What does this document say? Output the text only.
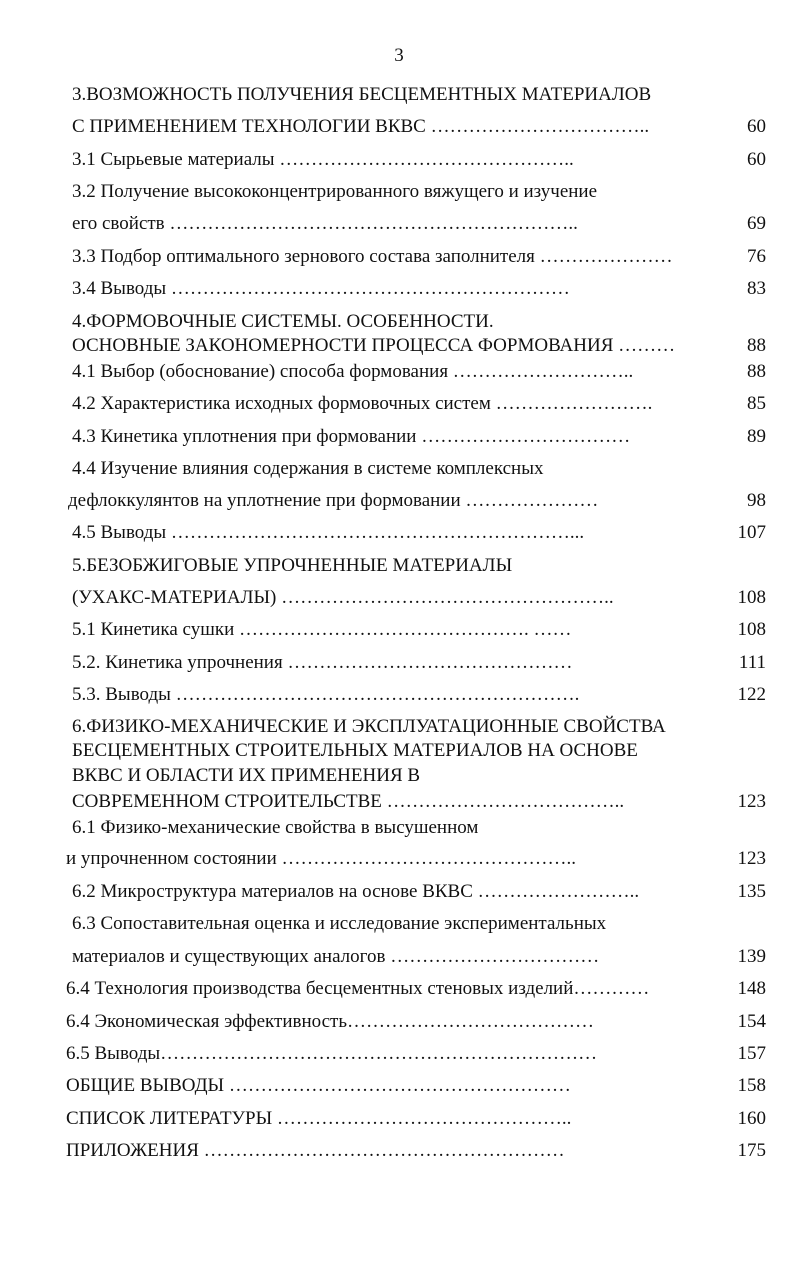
3
3.ВОЗМОЖНОСТЬ ПОЛУЧЕНИЯ БЕСЦЕМЕНТНЫХ МАТЕРИАЛОВ
С ПРИМЕНЕНИЕМ ТЕХНОЛОГИИ ВКВС ……………………………..	60
3.1 Сырьевые материалы ………………………………………..	60
3.2 Получение высококонцентрированного вяжущего и изучение
его свойств ………………………………………………………..	69
3.3 Подбор оптимального зернового состава заполнителя …………………	76
3.4 Выводы ………………………………………………………	83
4.ФОРМОВОЧНЫЕ СИСТЕМЫ. ОСОБЕННОСТИ.
ОСНОВНЫЕ ЗАКОНОМЕРНОСТИ ПРОЦЕССА ФОРМОВАНИЯ ………	88
4.1 Выбор (обоснование) способа формования ………………………..	88
4.2 Характеристика исходных формовочных систем …………………….	85
4.3 Кинетика уплотнения при формовании ……………………………	89
4.4 Изучение влияния содержания в системе комплексных
дефлоккулянтов на уплотнение при формовании …………………	98
4.5 Выводы ………………………………………………………...	107
5.БЕЗОБЖИГОВЫЕ УПРОЧНЕННЫЕ МАТЕРИАЛЫ
(УХАКС-МАТЕРИАЛЫ) ……………………………………………..	108
5.1 Кинетика сушки ………………………………………. ……	108
5.2. Кинетика упрочнения ………………………………………	111
5.3. Выводы ……………………………………………………….	122
6.ФИЗИКО-МЕХАНИЧЕСКИЕ И ЭКСПЛУАТАЦИОННЫЕ СВОЙСТВА
БЕСЦЕМЕНТНЫХ СТРОИТЕЛЬНЫХ МАТЕРИАЛОВ НА ОСНОВЕ
ВКВС И ОБЛАСТИ ИХ ПРИМЕНЕНИЯ В
СОВРЕМЕННОМ СТРОИТЕЛЬСТВЕ ………………………………..	123
6.1 Физико-механические свойства в высушенном
и упрочненном состоянии ………………………………………..	123
6.2 Микроструктура материалов на основе ВКВС ……………………..	135
6.3 Сопоставительная оценка и исследование экспериментальных
материалов и существующих аналогов ……………………………	139
6.4 Технология производства бесцементных стеновых изделий…………	148
6.4 Экономическая эффективность…………………………………	154
6.5 Выводы……………………………………………………………	157
ОБЩИЕ ВЫВОДЫ ………………………………………………	158
СПИСОК ЛИТЕРАТУРЫ ………………………………………..	160
ПРИЛОЖЕНИЯ …………………………………………………	175
